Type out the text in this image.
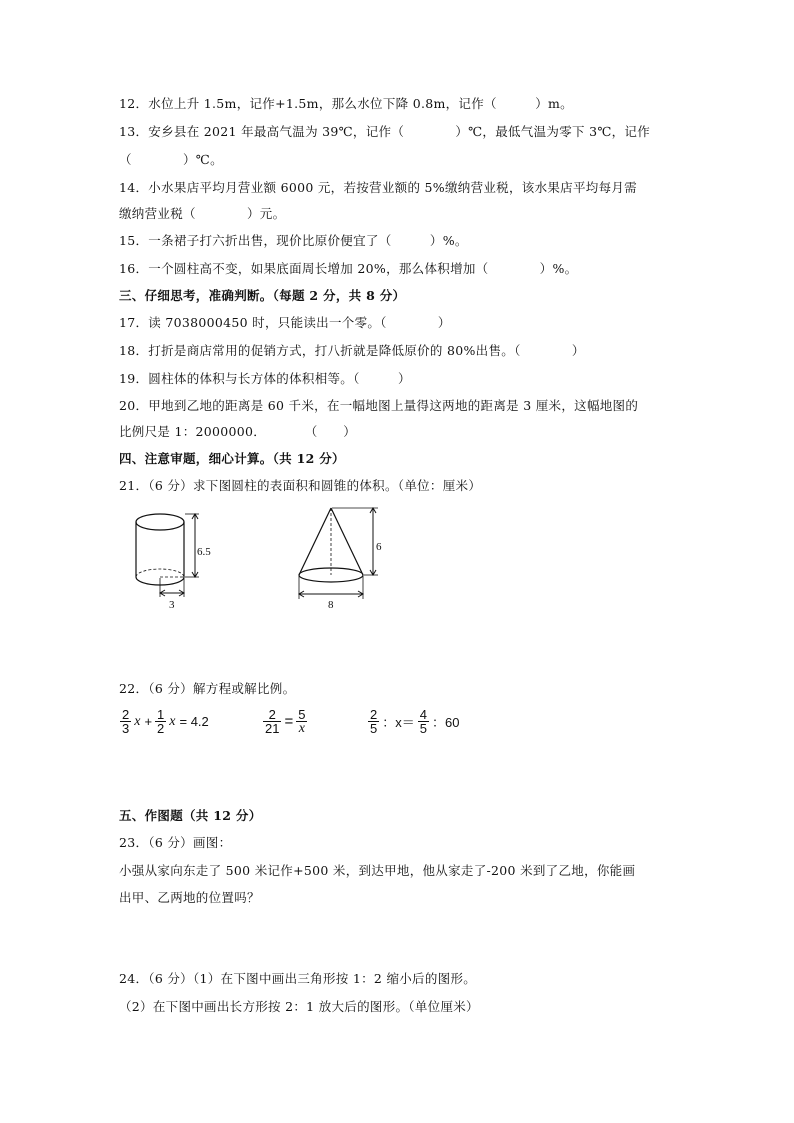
12．水位上升 1.5m，记作+1.5m，那么水位下降 0.8m，记作（　　　）m。
13．安乡县在 2021 年最高气温为 39℃，记作（　　　　）℃，最低气温为零下 3℃，记作
（　　　　）℃。
14．小水果店平均月营业额 6000 元，若按营业额的 5%缴纳营业税，该水果店平均每月需
缴纳营业税（　　　　）元。
15．一条裙子打六折出售，现价比原价便宜了（　　　）%。
16．一个圆柱高不变，如果底面周长增加 20%，那么体积增加（　　　　）%。
三、仔细思考，准确判断。（每题 2 分，共 8 分）
17．读 7038000450 时，只能读出一个零。（　　　　）
18．打折是商店常用的促销方式，打八折就是降低原价的 80%出售。（　　　　）
19．圆柱体的体积与长方体的体积相等。（　　　）
20．甲地到乙地的距离是 60 千米，在一幅地图上量得这两地的距离是 3 厘米，这幅地图的
比例尺是 1：2000000．　　　　（　　）
四、注意审题，细心计算。（共 12 分）
21．（6 分）求下图圆柱的表面积和圆锥的体积。（单位：厘米）
6.5
3
6
8
22．（6 分）解方程或解比例。
$\frac{2}{3}$ $x + \frac{1}{2}$ x = 4.2	$\frac{2}{21} = \frac{5}{x}$	$\frac{2}{5}$ ：$x= \frac{4}{5}$ ：60
五、作图题（共 12 分）
23．（6 分）画图：
小强从家向东走了 500 米记作+500 米，到达甲地，他从家走了-200 米到了乙地，你能画
出甲、乙两地的位置吗？
24．（6 分）（1）在下图中画出三角形按 1：2 缩小后的图形。
（2）在下图中画出长方形按 2：1 放大后的图形。（单位厘米）
